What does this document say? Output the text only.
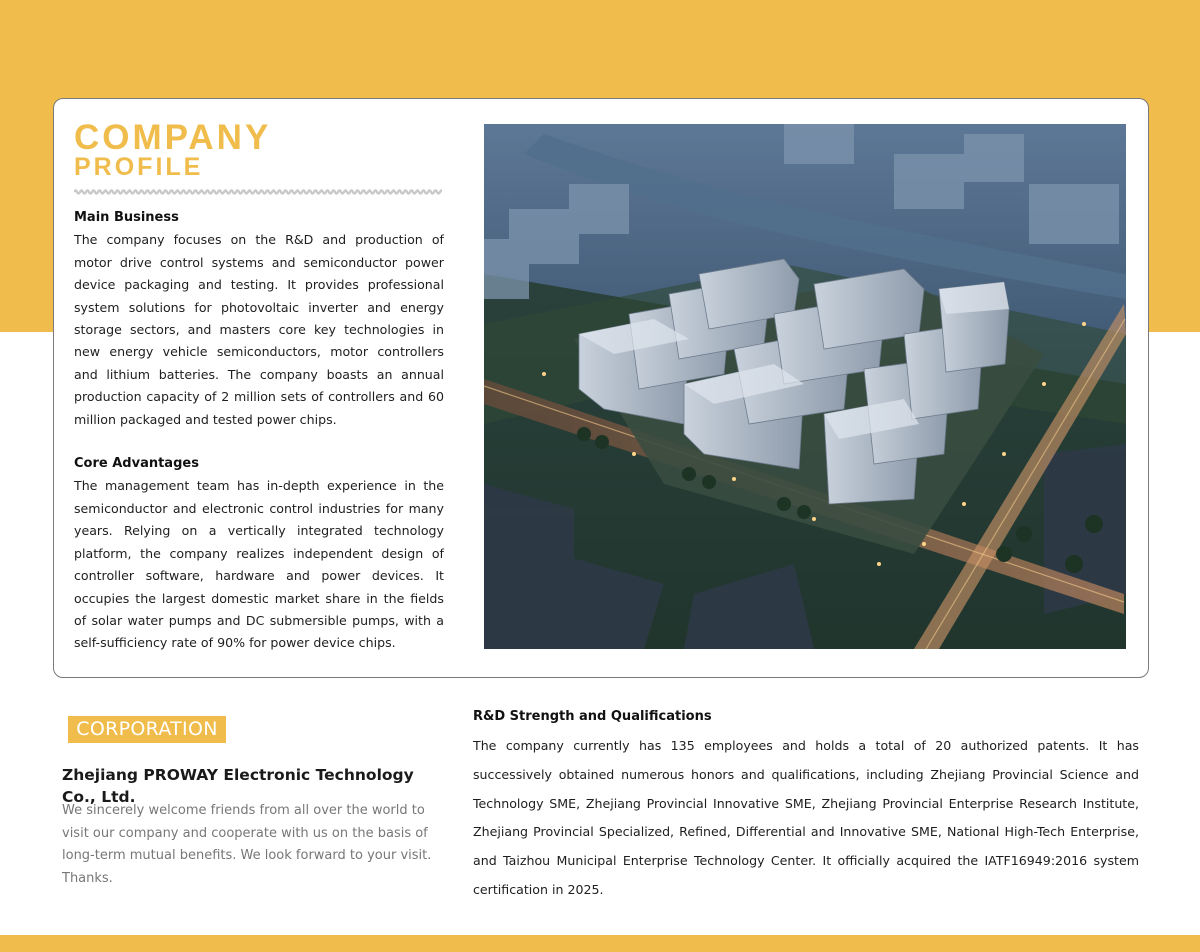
COMPANY
PROFILE
Main Business

The company focuses on the R&D and production of motor drive control systems and semiconductor power device packaging and testing. It provides professional system solutions for photovoltaic inverter and energy storage sectors, and masters core key technologies in new energy vehicle semiconductors, motor controllers and lithium batteries. The company boasts an annual production capacity of 2 million sets of controllers and 60 million packaged and tested power chips.

Core Advantages

The management team has in-depth experience in the semiconductor and electronic control industries for many years. Relying on a vertically integrated technology platform, the company realizes independent design of controller software, hardware and power devices. It occupies the largest domestic market share in the fields of solar water pumps and DC submersible pumps, with a self-sufficiency rate of 90% for power device chips.

CORPORATION
Zhejiang PROWAY Electronic Technology Co., Ltd.
We sincerely welcome friends from all over the world to visit our company and cooperate with us on the basis of long-term mutual benefits. We look forward to your visit. Thanks.
R&D Strength and Qualifications
The company currently has 135 employees and holds a total of 20 authorized patents. It has successively obtained numerous honors and qualifications, including Zhejiang Provincial Science and Technology SME, Zhejiang Provincial Innovative SME, Zhejiang Provincial Enterprise Research Institute, Zhejiang Provincial Specialized, Refined, Differential and Innovative SME, National High-Tech Enterprise, and Taizhou Municipal Enterprise Technology Center. It officially acquired the IATF16949:2016 system certification in 2025.
